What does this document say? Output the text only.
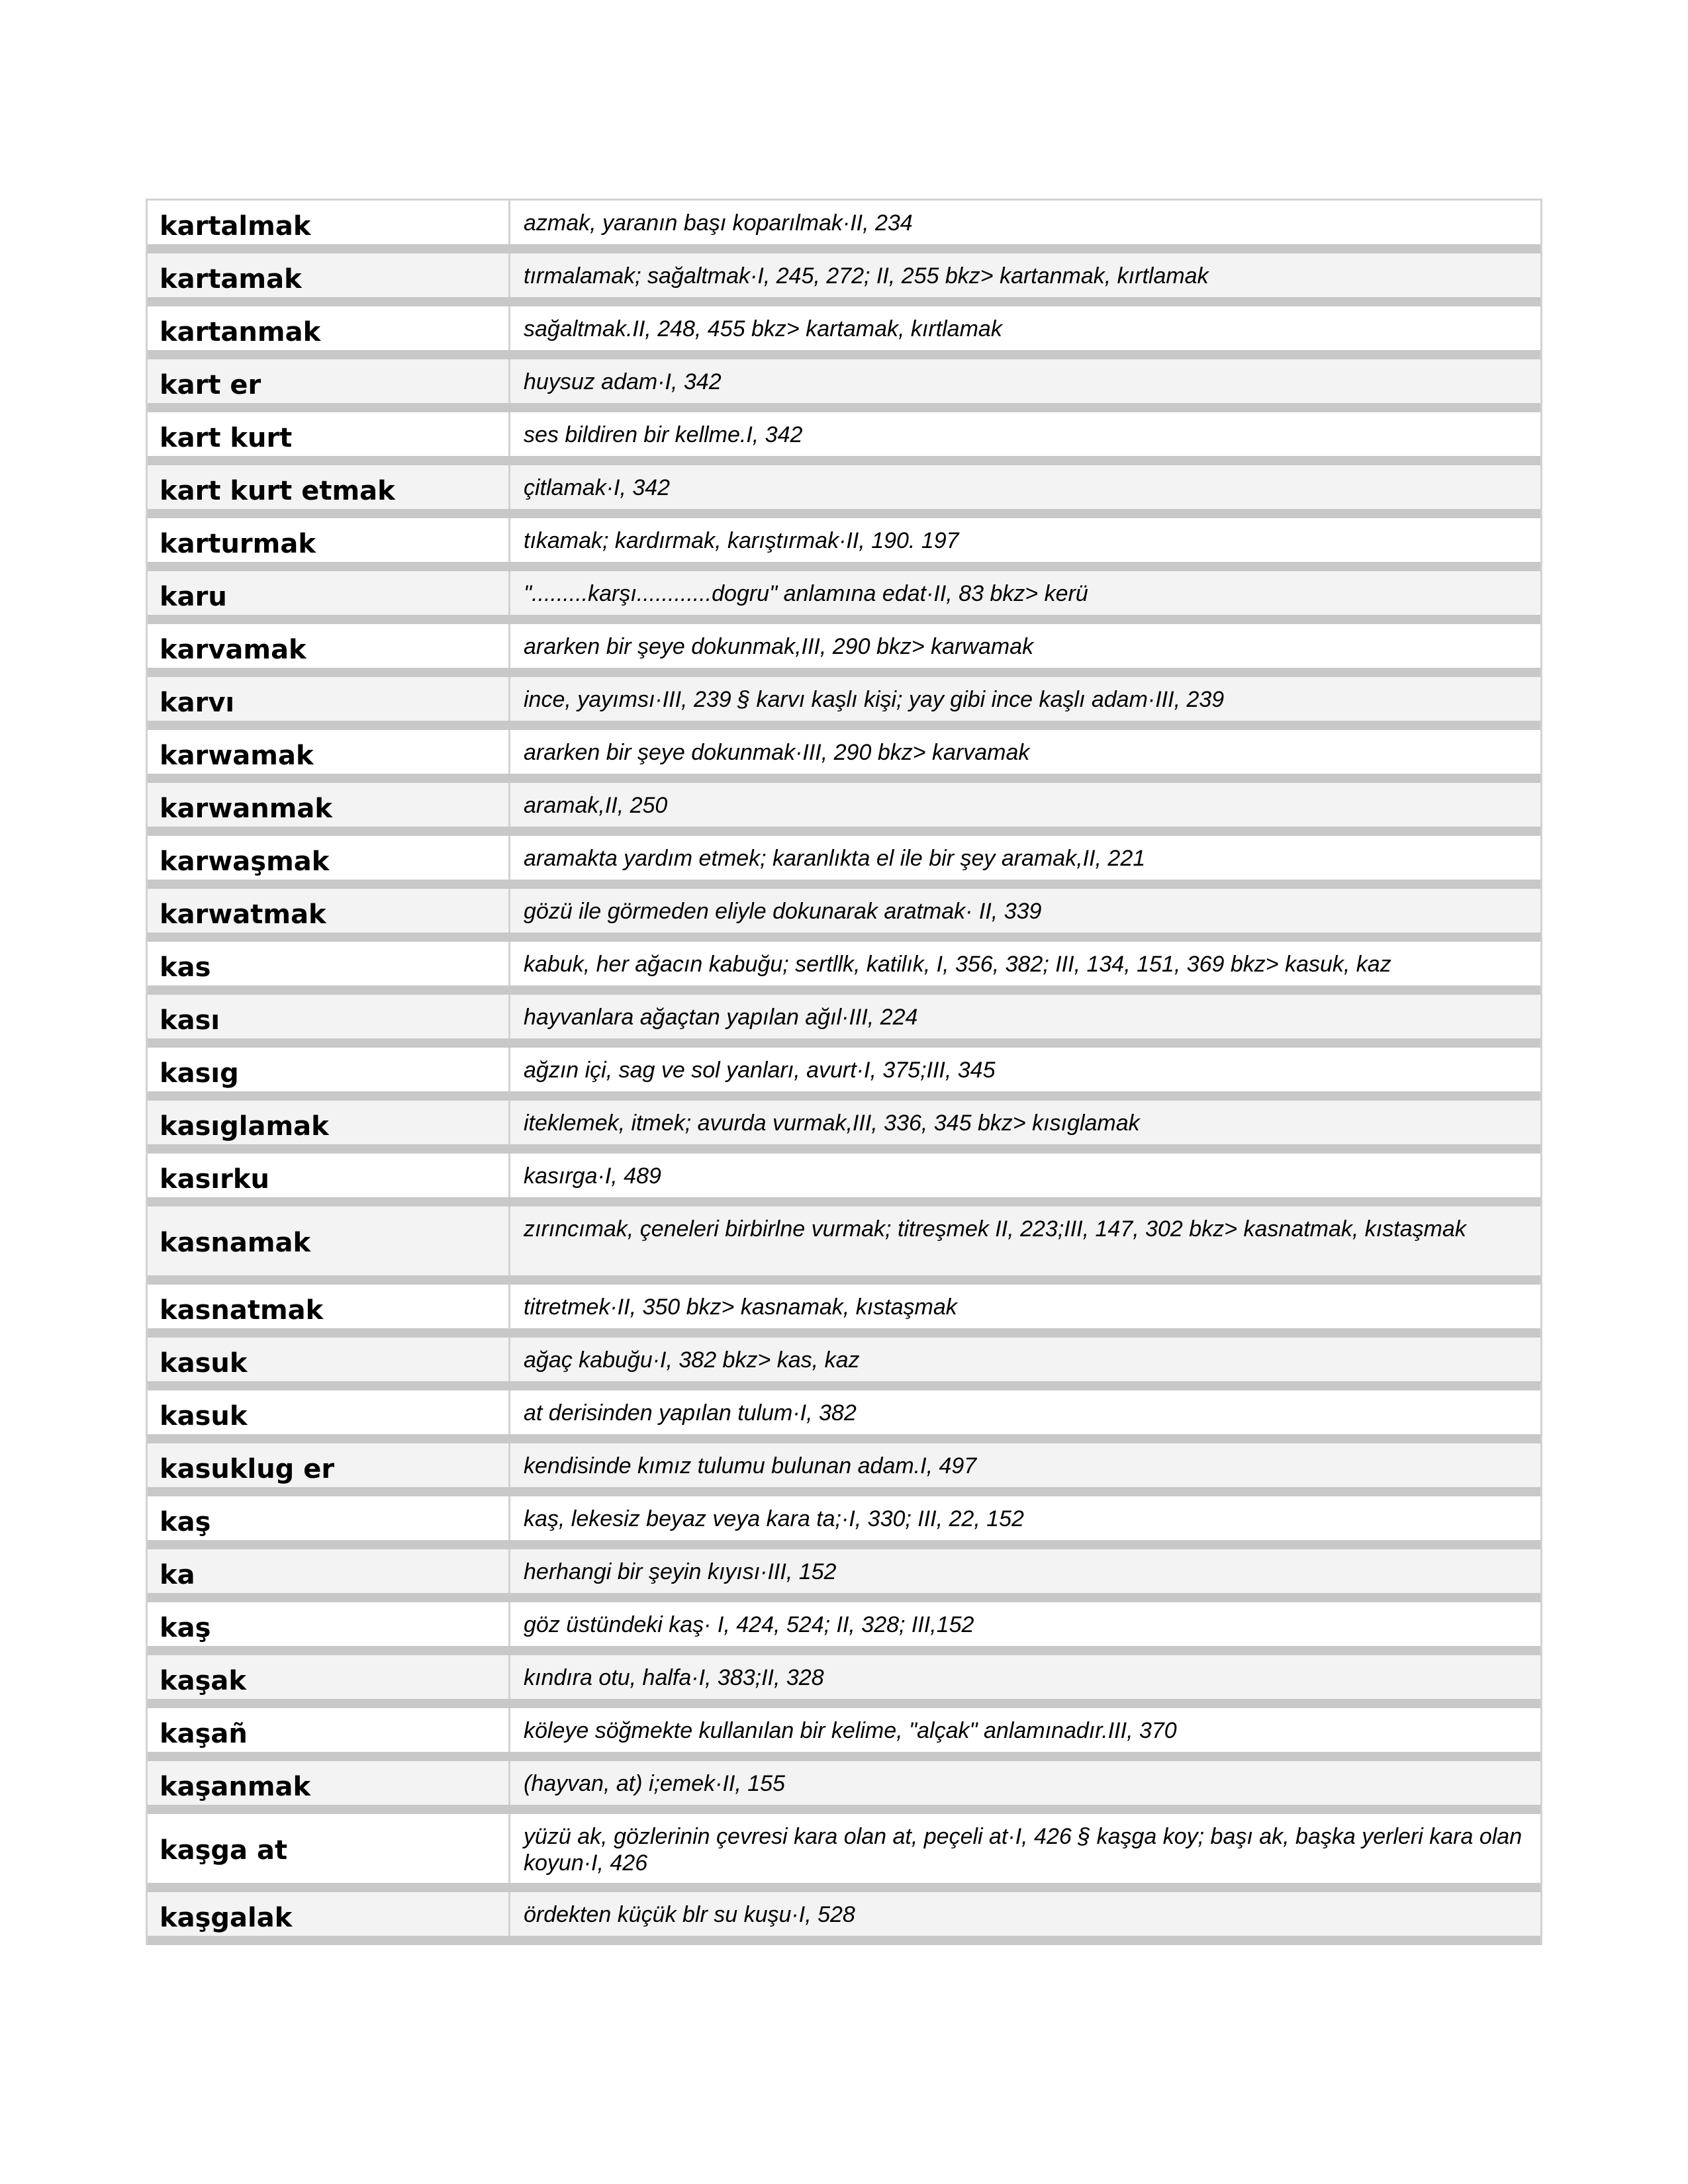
kartalmak	azmak, yaranın başı koparılmak·II, 234
kartamak	tırmalamak; sağaltmak·I, 245, 272; II, 255 bkz> kartanmak, kırtlamak
kartanmak	sağaltmak.II, 248, 455 bkz> kartamak, kırtlamak
kart er	huysuz adam·I, 342
kart kurt	ses bildiren bir kellme.I, 342
kart kurt etmak	çitlamak·I, 342
karturmak	tıkamak; kardırmak, karıştırmak·II, 190. 197
karu	".........karşı............dogru" anlamına edat·II, 83 bkz> kerü
karvamak	ararken bir şeye dokunmak,III, 290 bkz> karwamak
karvı	ince, yayımsı·III, 239 § karvı kaşlı kişi; yay gibi ince kaşlı adam·III, 239
karwamak	ararken bir şeye dokunmak·III, 290 bkz> karvamak
karwanmak	aramak,II, 250
karwaşmak	aramakta yardım etmek; karanlıkta el ile bir şey aramak,II, 221
karwatmak	gözü ile görmeden eliyle dokunarak aratmak· II, 339
kas	kabuk, her ağacın kabuğu; sertllk, katilık, I, 356, 382; III, 134, 151, 369 bkz> kasuk, kaz
kası	hayvanlara ağaçtan yapılan ağıl·III, 224
kasıg	ağzın içi, sag ve sol yanları, avurt·I, 375;III, 345
kasıglamak	iteklemek, itmek; avurda vurmak,III, 336, 345 bkz> kısıglamak
kasırku	kasırga·I, 489
kasnamak	zırıncımak, çeneleri birbirlne vurmak; titreşmek II, 223;III, 147, 302 bkz> kasnatmak, kıstaşmak
kasnatmak	titretmek·II, 350 bkz> kasnamak, kıstaşmak
kasuk	ağaç kabuğu·I, 382 bkz> kas, kaz
kasuk	at derisinden yapılan tulum·I, 382
kasuklug er	kendisinde kımız tulumu bulunan adam.I, 497
kaş	kaş, lekesiz beyaz veya kara ta;·I, 330; III, 22, 152
ka	herhangi bir şeyin kıyısı·III, 152
kaş	göz üstündeki kaş· I, 424, 524; II, 328; III,152
kaşak	kındıra otu, halfa·I, 383;II, 328
kaşañ	köleye söğmekte kullanılan bir kelime, "alçak" anlamınadır.III, 370
kaşanmak	(hayvan, at) i;emek·II, 155
kaşga at	yüzü ak, gözlerinin çevresi kara olan at, peçeli at·I, 426 § kaşga koy; başı ak, başka yerleri kara olan koyun·I, 426
kaşgalak	ördekten küçük blr su kuşu·I, 528
